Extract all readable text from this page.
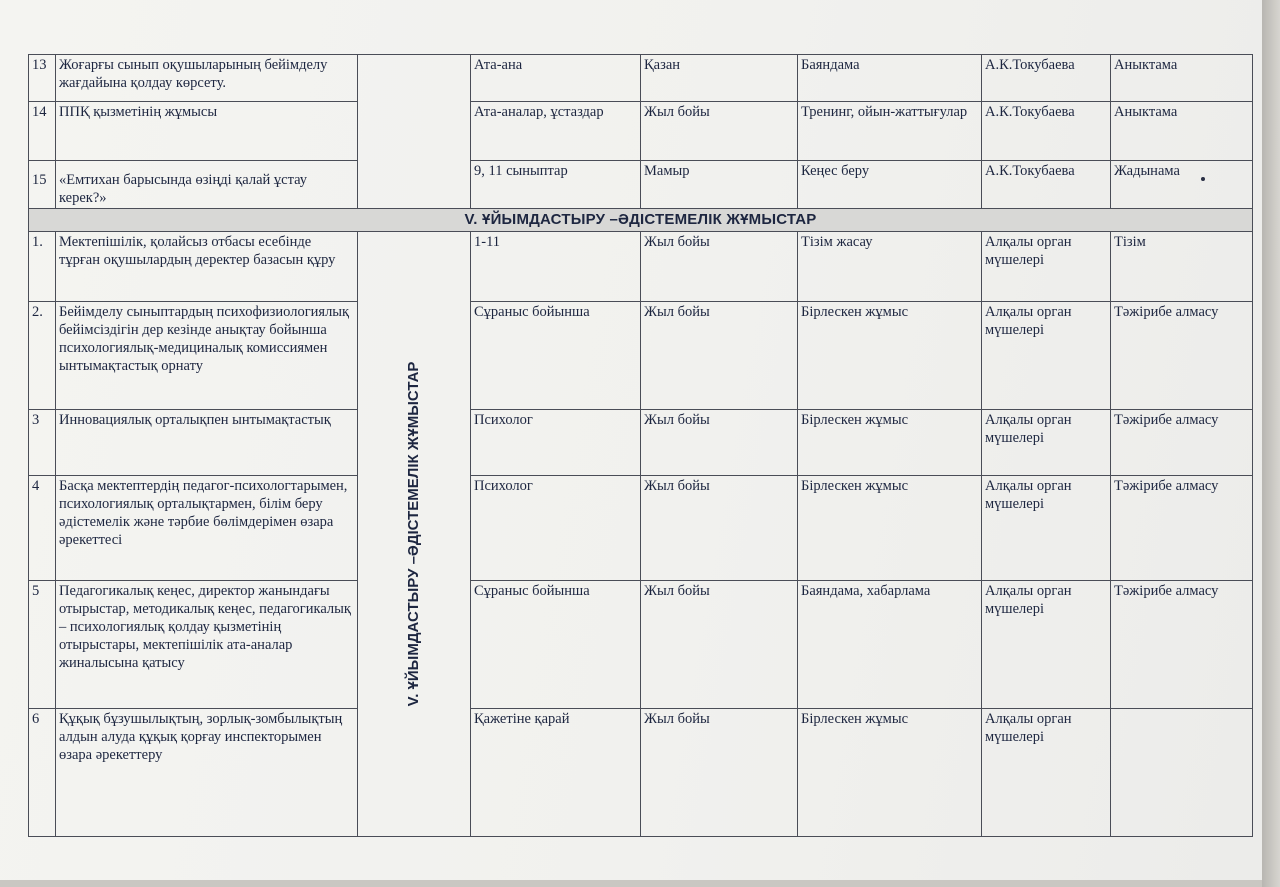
13	Жоғарғы сынып оқушыларының бейімделу жағдайына қолдау көрсету.		Ата-ана	Қазан	Баяндама	А.К.Токубаева	Аныктама
14	ППҚ қызметінің жұмысы		Ата-аналар, ұстаздар	Жыл бойы	Тренинг, ойын-жаттығулар	А.К.Токубаева	Аныктама
15	«Емтихан барысында өзіңді қалай ұстау керек?»		9, 11 сыныптар	Мамыр	Кеңес беру	А.К.Токубаева	Жадынама
V. ҰЙЫМДАСТЫРУ –ӘДІСТЕМЕЛІК ЖҰМЫСТАР							
1.	Мектепішілік, қолайсыз отбасы есебінде тұрған оқушылардың деректер базасын құру	V. ҰЙЫМДАСТЫРУ –ӘДІСТЕМЕЛІК ЖҰМЫСТАР	1-11	Жыл бойы	Тізім жасау	Алқалы орган мүшелері	Тізім
2.	Бейімделу сыныптардың психофизиологиялық бейімсіздігін дер кезінде анықтау бойынша психологиялық-медициналық комиссиямен ынтымақтастық орнату		Сұраныс бойынша	Жыл бойы	Бірлескен жұмыс	Алқалы орган мүшелері	Тәжірибе алмасу
3	Инновациялық орталықпен ынтымақтастық		Психолог	Жыл бойы	Бірлескен жұмыс	Алқалы орган мүшелері	Тәжірибе алмасу
4	Басқа мектептердің педагог-психологтарымен, психологиялық орталықтармен, білім беру әдістемелік және тәрбие бөлімдерімен өзара әрекеттесі		Психолог	Жыл бойы	Бірлескен жұмыс	Алқалы орган мүшелері	Тәжірибе алмасу
5	Педагогикалық кеңес, директор жанындағы отырыстар, методикалық кеңес, педагогикалық – психологиялық қолдау қызметінің отырыстары, мектепішілік ата-аналар жиналысына қатысу		Сұраныс бойынша	Жыл бойы	Баяндама, хабарлама	Алқалы орган мүшелері	Тәжірибе алмасу
6	Құқық бұзушылықтың, зорлық-зомбылықтың алдын алуда құқық қорғау инспекторымен өзара әрекеттеру		Қажетіне қарай	Жыл бойы	Бірлескен жұмыс	Алқалы орган мүшелері	
